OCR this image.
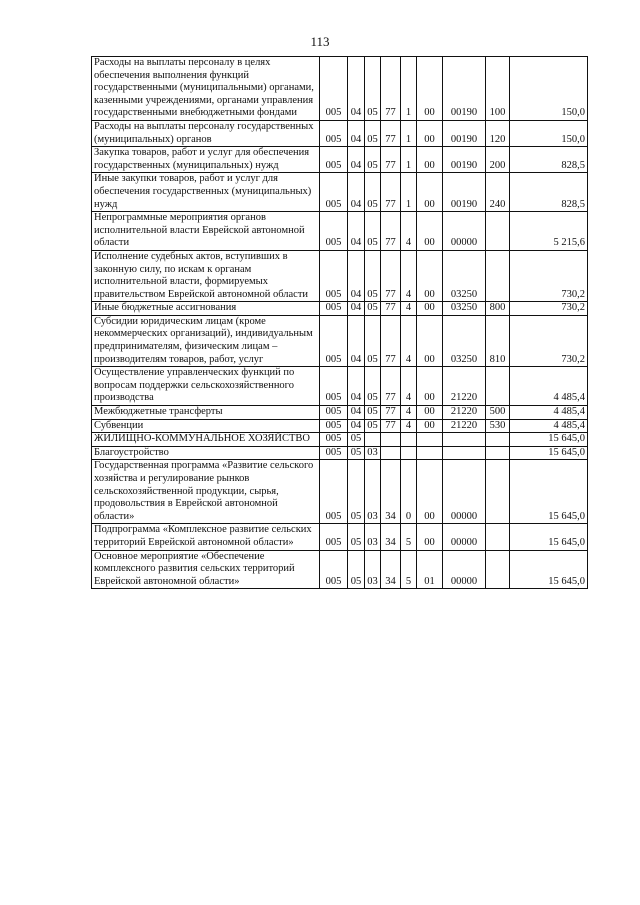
113
Расходы на выплаты персоналу в целях обеспечения выполнения функций государственными (муниципальными) органами, казенными учреждениями, органами управления государственными внебюджетными фондами	005	04	05	77	1	00	00190	100	150,0
Расходы на выплаты персоналу государственных (муниципальных) органов	005	04	05	77	1	00	00190	120	150,0
Закупка товаров, работ и услуг для обеспечения государственных (муниципальных) нужд	005	04	05	77	1	00	00190	200	828,5
Иные закупки товаров, работ и услуг для обеспечения государственных (муниципальных) нужд	005	04	05	77	1	00	00190	240	828,5
Непрограммные мероприятия органов исполнительной власти Еврейской автономной области	005	04	05	77	4	00	00000		5 215,6
Исполнение судебных актов, вступивших в законную силу, по искам к органам исполнительной власти, формируемых правительством Еврейской автономной области	005	04	05	77	4	00	03250		730,2
Иные бюджетные ассигнования	005	04	05	77	4	00	03250	800	730,2
Субсидии юридическим лицам (кроме некоммерческих организаций), индивидуальным предпринимателям, физическим лицам – производителям товаров, работ, услуг	005	04	05	77	4	00	03250	810	730,2
Осуществление управленческих функций по вопросам поддержки сельскохозяйственного производства	005	04	05	77	4	00	21220		4 485,4
Межбюджетные трансферты	005	04	05	77	4	00	21220	500	4 485,4
Субвенции	005	04	05	77	4	00	21220	530	4 485,4
ЖИЛИЩНО-КОММУНАЛЬНОЕ ХОЗЯЙСТВО	005	05							15 645,0
Благоустройство	005	05	03						15 645,0
Государственная программа «Развитие сельского хозяйства и регулирование рынков сельскохозяйственной продукции, сырья, продовольствия в Еврейской автономной области»	005	05	03	34	0	00	00000		15 645,0
Подпрограмма «Комплексное развитие сельских территорий Еврейской автономной области»	005	05	03	34	5	00	00000		15 645,0
Основное мероприятие «Обеспечение комплексного развития сельских территорий Еврейской автономной области»	005	05	03	34	5	01	00000		15 645,0
